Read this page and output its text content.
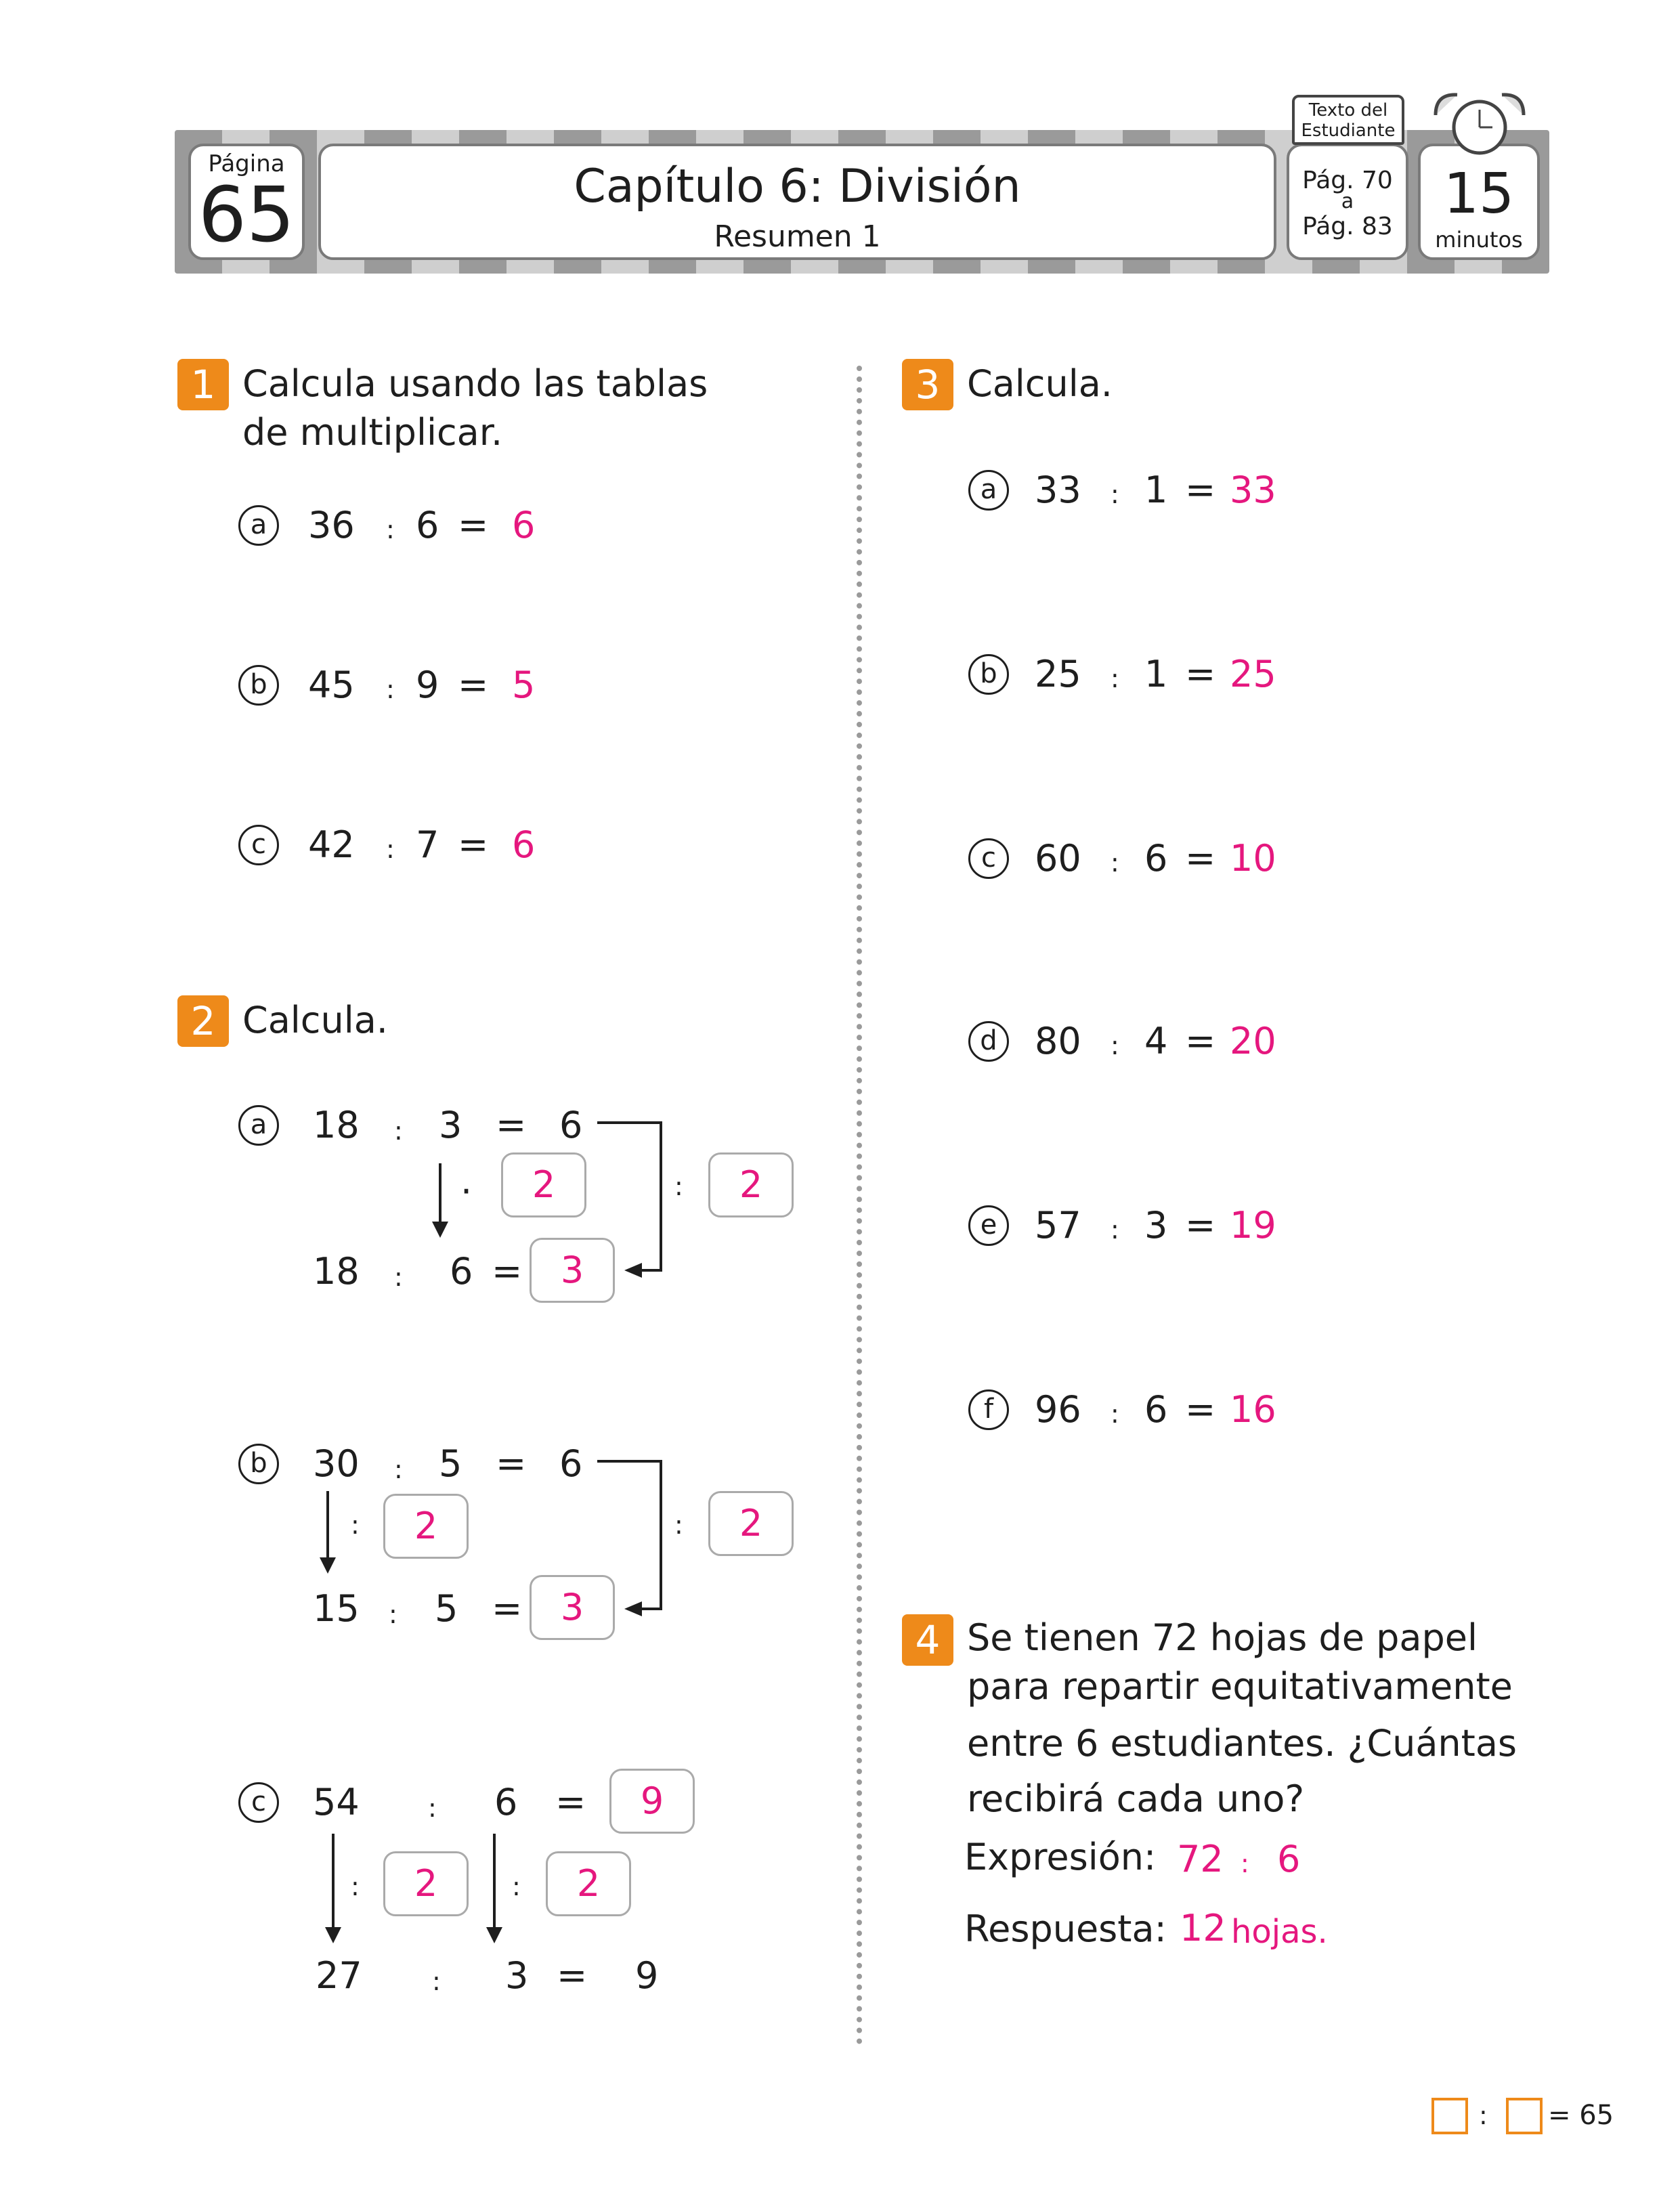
Página
65	Capítulo 6: División
Resumen 1
Pág. 70
a
Pág. 83
Texto del
Estudiante
15
minutos
1 Calcula usando las tablas
de multiplicar.
a	36 : 6 = 6
b	45 : 9 = 5
c	42 : 7 = 6
2 Calcula.
a	18 : 3 = 6
·	2	:	2
18 : 6 =	3
b	30 : 5 = 6
:	2	:	2
15 : 5 =	3
c	54	: 6 =	9
:	2	:	2
27	: 3 = 9
3 Calcula.
a	33 : 1 = 33
b	25 : 1 = 25
c	60 : 6 = 10
d	80 : 4 = 20
e	57 : 3 = 19
f	96 : 6 = 16
4 Se tienen 72 hojas de papel
para repartir equitativamente
entre 6 estudiantes. ¿Cuántas
recibirá cada uno?
Expresión: 72 : 6
Respuesta: 12 hojas.
: = 65
